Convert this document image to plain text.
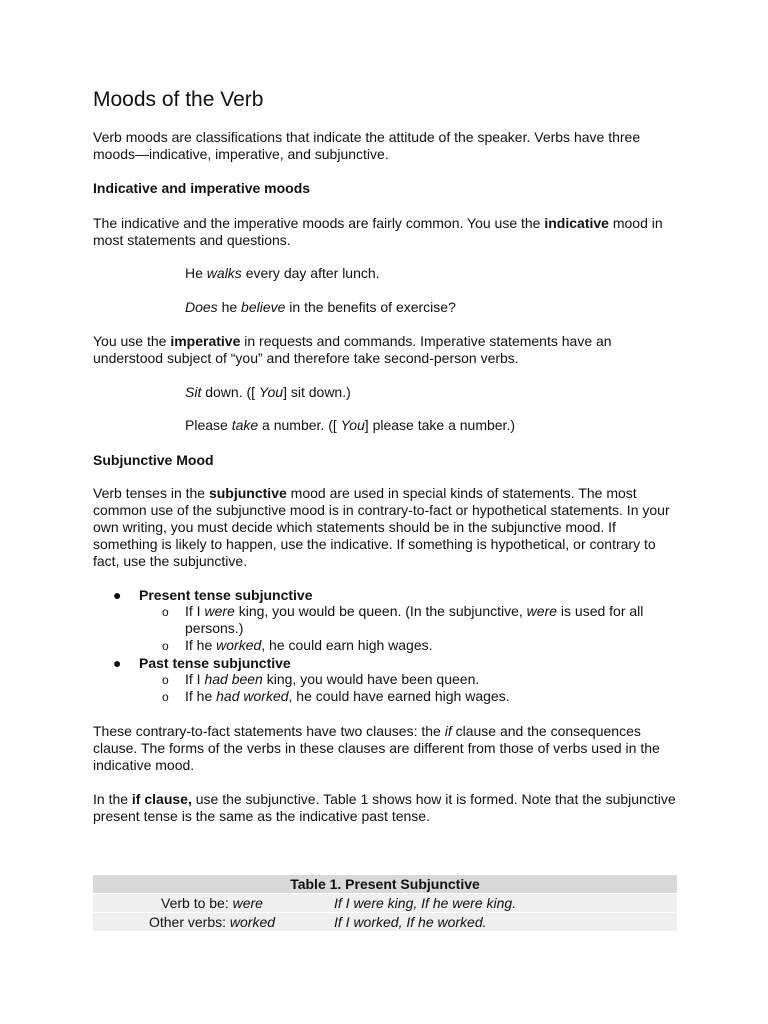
Moods of the Verb

Verb moods are classifications that indicate the attitude of the speaker. Verbs have three moods—indicative, imperative, and subjunctive.

Indicative and imperative moods

The indicative and the imperative moods are fairly common. You use the indicative mood in most statements and questions.

He walks every day after lunch.

Does he believe in the benefits of exercise?

You use the imperative in requests and commands. Imperative statements have an understood subject of “you” and therefore take second-person verbs.

Sit down. ([ You] sit down.)

Please take a number. ([ You] please take a number.)

Subjunctive Mood

Verb tenses in the subjunctive mood are used in special kinds of statements. The most common use of the subjunctive mood is in contrary-to-fact or hypothetical statements. In your own writing, you must decide which statements should be in the subjunctive mood. If something is likely to happen, use the indicative. If something is hypothetical, or contrary to fact, use the subjunctive.

● Present tense subjunctive
o If I were king, you would be queen. (In the subjunctive, were is used for all persons.)
o If he worked, he could earn high wages.
● Past tense subjunctive
o If I had been king, you would have been queen.
o If he had worked, he could have earned high wages.

These contrary-to-fact statements have two clauses: the if clause and the consequences clause. The forms of the verbs in these clauses are different from those of verbs used in the indicative mood.

In the if clause, use the subjunctive. Table 1 shows how it is formed. Note that the subjunctive present tense is the same as the indicative past tense.

Table 1. Present Subjunctive	
Verb to be: were	If I were king, If he were king.
Other verbs: worked	If I worked, If he worked.
